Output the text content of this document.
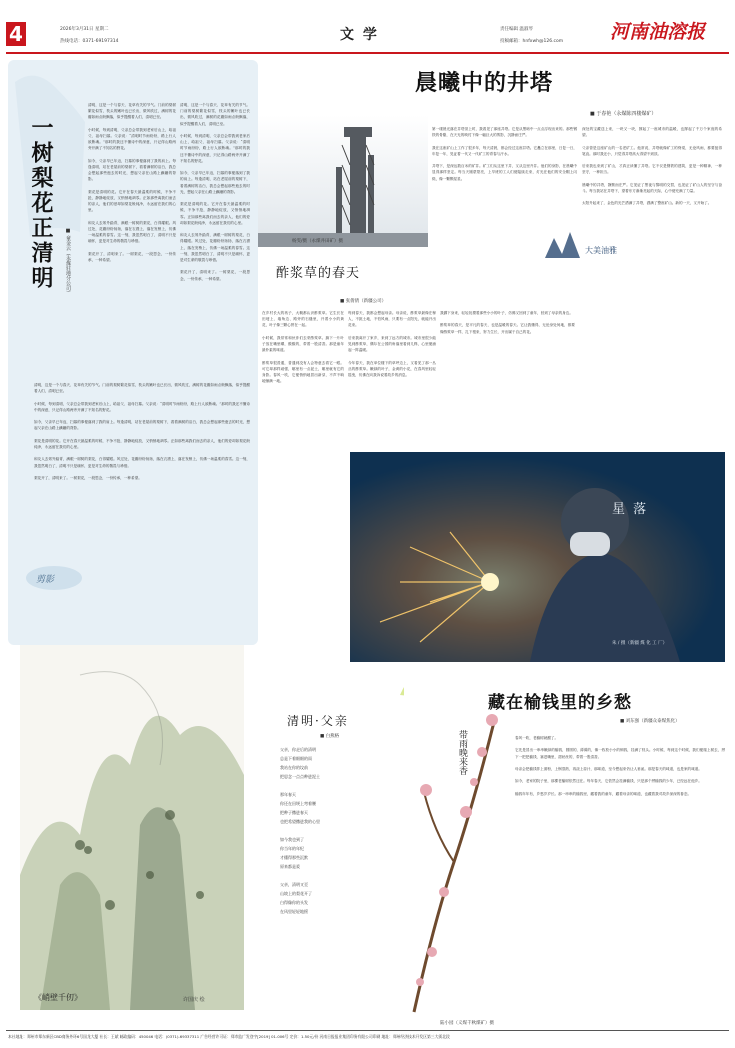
4	2026年3月31日 星期二
热线电话：0371-69197314	文 学	责任编辑 温淑琴
投稿邮箱：hnfxwh@126.com 河南油溶报
一树梨花正清明 ■ 童金云（永煤驻地分公司）
清明，这是一个与春天、花草有关的节气。门前的梨树繁花似雪，枝头的嫩叶也已长出，微风吹过，满树的花瓣如雨点般飘落，似乎提醒着人们，清明已至。

小时候，每到清明，父亲总会带我到老家后山上，给祖父、祖母扫墓。父亲说：“清明时节雨纷纷，路上行人欲断魂。”那时的我还不懂诗中的深意，只记得山路两旁开满了不知名的野花。

如今，父亲早已年迈，扫墓的事便落到了我的肩上。每逢清明，站在老屋前的梨树下，看着满树的洁白，我总会想起那些逝去的时光，想起父亲在山路上蹒跚的背影。

梨花是清明的花。它开在春天最温柔的时候，不争不抢，静静地绽放，又悄悄地凋零。正如那些离我们而去的亲人，他们的爱却如梨花般纯净，永远留在我们的心里。

和友人去郊外踏青，满眼一树树的梨花，白得耀眼。风过处，花瓣纷纷扬扬，落在衣襟上，落在发梢上，仿佛一场温柔的春雪。这一刻，我忽然明白了，清明不只是缅怀，更是对生命的敬畏与珍惜。

梨花开了，清明来了。一树梨花，一段思念，一份传承，一种希望。
清明，这是一个与春天、花草有关的节气。门前的梨树繁花似雪，枝头的嫩叶也已长出，微风吹过，满树的花瓣如雨点般飘落，似乎提醒着人们，清明已至。

小时候，每到清明，父亲总会带我到老家后山上，给祖父、祖母扫墓。父亲说：“清明时节雨纷纷，路上行人欲断魂。”那时的我还不懂诗中的深意，只记得山路两旁开满了不知名的野花。

如今，父亲早已年迈，扫墓的事便落到了我的肩上。每逢清明，站在老屋前的梨树下，看着满树的洁白，我总会想起那些逝去的时光，想起父亲在山路上蹒跚的背影。

梨花是清明的花。它开在春天最温柔的时候，不争不抢，静静地绽放，又悄悄地凋零。正如那些离我们而去的亲人，他们的爱却如梨花般纯净，永远留在我们的心里。

和友人去郊外踏青，满眼一树树的梨花，白得耀眼。风过处，花瓣纷纷扬扬，落在衣襟上，落在发梢上，仿佛一场温柔的春雪。这一刻，我忽然明白了，清明不只是缅怀，更是对生命的敬畏与珍惜。

梨花开了，清明来了。一树梨花，一段思念，一份传承，一种希望。
清明，这是一个与春天、花草有关的节气。门前的梨树繁花似雪，枝头的嫩叶也已长出，微风吹过，满树的花瓣如雨点般飘落，似乎提醒着人们，清明已至。

小时候，每到清明，父亲总会带我到老家后山上，给祖父、祖母扫墓。父亲说：“清明时节雨纷纷，路上行人欲断魂。”那时的我还不懂诗中的深意，只记得山路两旁开满了不知名的野花。

如今，父亲早已年迈，扫墓的事便落到了我的肩上。每逢清明，站在老屋前的梨树下，看着满树的洁白，我总会想起那些逝去的时光，想起父亲在山路上蹒跚的背影。

梨花是清明的花。它开在春天最温柔的时候，不争不抢，静静地绽放，又悄悄地凋零。正如那些离我们而去的亲人，他们的爱却如梨花般纯净，永远留在我们的心里。

和友人去郊外踏青，满眼一树树的梨花，白得耀眼。风过处，花瓣纷纷扬扬，落在衣襟上，落在发梢上，仿佛一场温柔的春雪。这一刻，我忽然明白了，清明不只是缅怀，更是对生命的敬畏与珍惜。

梨花开了，清明来了。一树梨花，一段思念，一份传承，一种希望。
剪影
《峭壁千仞》	许国庆 绘
杨雯/摄（永煤井田矿）摄
晨曦中的井塔
■ 于春艳（永煤陈四楼煤矿）
第一缕晨光落在井塔顶上时，我看见了那座井塔。它是从黑暗中一点点浮现出来的。那些钢铁的骨骼，在天光的映衬下像一幅巨大的剪影，沉静而庄严。

我在这座矿山上工作了很多年，每天清晨，都会经过这座井塔。它矗立在那里，日复一日，年复一年，见证着一代又一代矿工的青春与汗水。

井塔下，是深达数百米的矿井。矿工们从这里下井，又从这里升井。他们的身影，在晨曦中显得那样坚定。每当天刚蒙蒙亮，上早班的工人们便陆续走来，灯光在他们的安全帽上闪烁，像一颗颗星星。
深处的宝藏送上来，一块又一块，撑起了一座城市的温暖，也撑起了千万个家庭的希望。

父亲曾是这座矿山的一名老矿工。他常说，井塔就像矿工的脊梁，无论风雨，都要挺得笔直。那时我还小，只觉得井塔高大得望不到顶。

后来我也来到了矿山，才真正读懂了井塔。它不仅是钢铁的建筑，更是一种精神，一种坚守，一种担当。

晨曦中的井塔，静默而庄严。它见证了黑夜与黎明的交替，也见证了矿山人的坚守与奋斗。每当我站在井塔下，望着东方渐渐亮起的天际，心中便充满了力量。

太阳升起来了，金色的光芒洒满了井塔，洒满了整座矿山。新的一天，又开始了。
大美油雅
酢浆草的春天
■ 张倩倩（新疆公司）
在乡村长大的孩子，大概都认识酢浆草。它生长在田埂上、墙角边、路旁的石缝里，开着小小的黄花，叶子像三颗心拼在一起。

小时候，我常常和伙伴们去采酢浆草。摘下一片叶子放在嘴里嚼，酸酸的，带着一股清香。那是童年最朴素的味道。

酢浆草很普通，普通到没有人会特意去看它一眼。可它却那样顽强，哪里有一点泥土，哪里就有它的身影。春风一吹，它便悄悄地冒出新芽，不声不响地铺满一地。
每到春天，我都会想起母亲。母亲说，酢浆草最像庄稼人，不挑土地，不怕风雨，只要有一点阳光，就能开出花来。

后来我离开了家乡，来到了远方的城市。城市里很少能见到酢浆草，偶尔在公园的角落里看到几株，心里便涌起一阵温暖。

今年春天，我在单位楼下的草坪边上，又看见了那一丛丛的酢浆草。嫩绿的叶子，金黄的小花，在春风里轻轻摇曳，仿佛在向我诉说着故乡的消息。
我蹲下身来，轻轻抚摸着那些小小的叶子，仿佛又回到了童年，回到了母亲的身边。

酢浆草的春天，是平凡的春天，也是温暖的春天。它让我懂得，无论身处何地，都要像酢浆草一样，扎下根来，努力生长，开出属于自己的花。
星 落
朱 / 摄（新疆 煤 化 工 厂）
清明·父亲
■ 白燕格
父亲，你走后的清明
总是下着细细的雨
我站在你的坟前
把思念一点点种进泥土

那年春天
你还在田埂上弯着腰
把种子撒进春天
也把希望撒进我的心里

如今我也到了
你当年的年纪
才懂得那些沉默
原来都是爱

父亲，清明又至
山坡上的梨花开了
白得像你的头发
在风里轻轻地摇
带雨晚来香
陆小园（义煤千秋煤矿）摄
藏在榆钱里的乡愁
■ 刘东强（新疆众泰煤焦化）
春风一吹，老榆树就醒了。

它先是冒出一串串嫩绿的榆钱，圆圆的，薄薄的，像一枚枚小小的铜钱，挂满了枝头。小时候，每到这个时候，我们便爬上树去，捋下一把把榆钱，塞进嘴里，甜丝丝的，带着一股清香。

母亲会把榆钱拌上面粉，上锅蒸熟，再浇上蒜汁，那味道，至今想起来仍让人垂涎。那是春天的味道，也是家的味道。

如今，老家的院子里，那棵老榆树依然还在。每年春天，它依然会挂满榆钱，只是那个捋榆钱的少年，已经远在他乡。

榆钱年年有，乡愁岁岁长。那一串串的榆钱里，藏着我的童年，藏着母亲的味道，也藏着我对故乡深深的眷恋。
本社地址：郑州市郑东新区CBD商务外环6号国龙大厦 社长：王斌 邮政编码：450046 电话：(0371)-69337311 广告经营许可证：郑市监广发登字[2019] 01-006号 定价：1.50元/份 河南日报报业集团印务有限公司印刷 地址：郑州经济技术开发区第三大街北段
